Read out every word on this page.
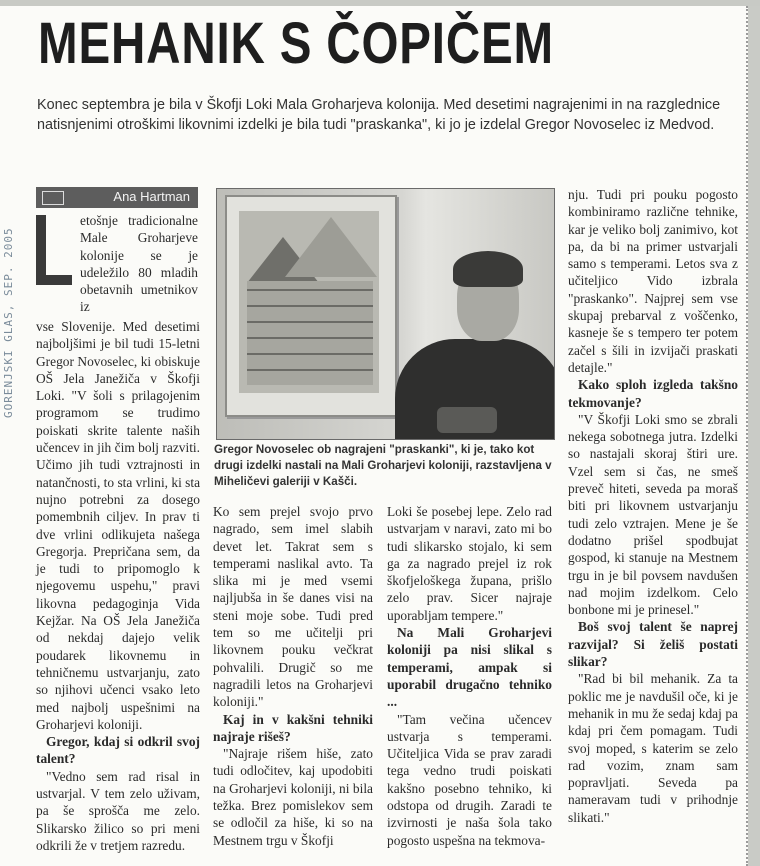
MEHANIK S ČOPIČEM
Konec septembra je bila v Škofji Loki Mala Groharjeva kolonija. Med desetimi nagrajenimi in na razglednice natisnjenimi otroškimi likovnimi izdelki je bila tudi "praskanka", ki jo je izdelal Gregor Novoselec iz Medvod.
GORENJSKI GLAS, SEP. 2005
Ana Hartman

etošnje tradicionalne Male Groharjeve kolonije se je udeležilo 80 mladih obetavnih umetnikov iz

vse Slovenije. Med desetimi najboljšimi je bil tudi 15-letni Gregor Novoselec, ki obiskuje OŠ Jela Janežiča v Škofji Loki. "V šoli s prilagojenim programom se trudimo poiskati skrite talente naših učencev in jih čim bolj razviti. Učimo jih tudi vztrajnosti in natančnosti, to sta vrlini, ki sta nujno potrebni za dosego pomembnih ciljev. In prav ti dve vrlini odlikujeta našega Gregorja. Prepričana sem, da je tudi to pripomoglo k njegovemu uspehu," pravi likovna pedagoginja Vida Kejžar. Na OŠ Jela Janežiča od nekdaj dajejo velik poudarek likovnemu in tehničnemu ustvarjanju, zato so njihovi učenci vsako leto med najbolj uspešnimi na Groharjevi koloniji.

Gregor, kdaj si odkril svoj talent?

"Vedno sem rad risal in ustvarjal. V tem zelo uživam, pa še sprošča me zelo. Slikarsko žilico so pri meni odkrili že v tretjem razredu.

Gregor Novoselec ob nagrajeni "praskanki", ki je, tako kot drugi izdelki nastali na Mali Groharjevi koloniji, razstavljena v Miheličevi galeriji v Kašči.

Ko sem prejel svojo prvo nagrado, sem imel slabih devet let. Takrat sem s temperami naslikal avto. Ta slika mi je med vsemi najljubša in še danes visi na steni moje sobe. Tudi pred tem so me učitelji pri likovnem pouku večkrat pohvalili. Drugič so me nagradili letos na Groharjevi koloniji."

Kaj in v kakšni tehniki najraje rišeš?

"Najraje rišem hiše, zato tudi odločitev, kaj upodobiti na Groharjevi koloniji, ni bila težka. Brez pomislekov sem se odločil za hiše, ki so na Mestnem trgu v Škofji

Loki še posebej lepe. Zelo rad ustvarjam v naravi, zato mi bo tudi slikarsko stojalo, ki sem ga za nagrado prejel iz rok škofjeloškega župana, prišlo zelo prav. Sicer najraje uporabljam tempere."

Na Mali Groharjevi koloniji pa nisi slikal s temperami, ampak si uporabil drugačno tehniko ...

"Tam večina učencev ustvarja s temperami. Učiteljica Vida se prav zaradi tega vedno trudi poiskati kakšno posebno tehniko, ki odstopa od drugih. Zaradi te izvirnosti je naša šola tako pogosto uspešna na tekmova-

nju. Tudi pri pouku pogosto kombiniramo različne tehnike, kar je veliko bolj zanimivo, kot pa, da bi na primer ustvarjali samo s temperami. Letos sva z učiteljico Vido izbrala "praskanko". Najprej sem vse skupaj prebarval z voščenko, kasneje še s tempero ter potem začel s šili in izvijači praskati detajle."

Kako sploh izgleda takšno tekmovanje?

"V Škofji Loki smo se zbrali nekega sobotnega jutra. Izdelki so nastajali skoraj štiri ure. Vzel sem si čas, ne smeš preveč hiteti, seveda pa moraš biti pri likovnem ustvarjanju tudi zelo vztrajen. Mene je še dodatno prišel spodbujat gospod, ki stanuje na Mestnem trgu in je bil povsem navdušen nad mojim izdelkom. Celo bonbone mi je prinesel."

Boš svoj talent še naprej razvijal? Si želiš postati slikar?

"Rad bi bil mehanik. Za ta poklic me je navdušil oče, ki je mehanik in mu že sedaj kdaj pa kdaj pri čem pomagam. Tudi svoj moped, s katerim se zelo rad vozim, znam sam popravljati. Seveda pa nameravam tudi v prihodnje slikati."
